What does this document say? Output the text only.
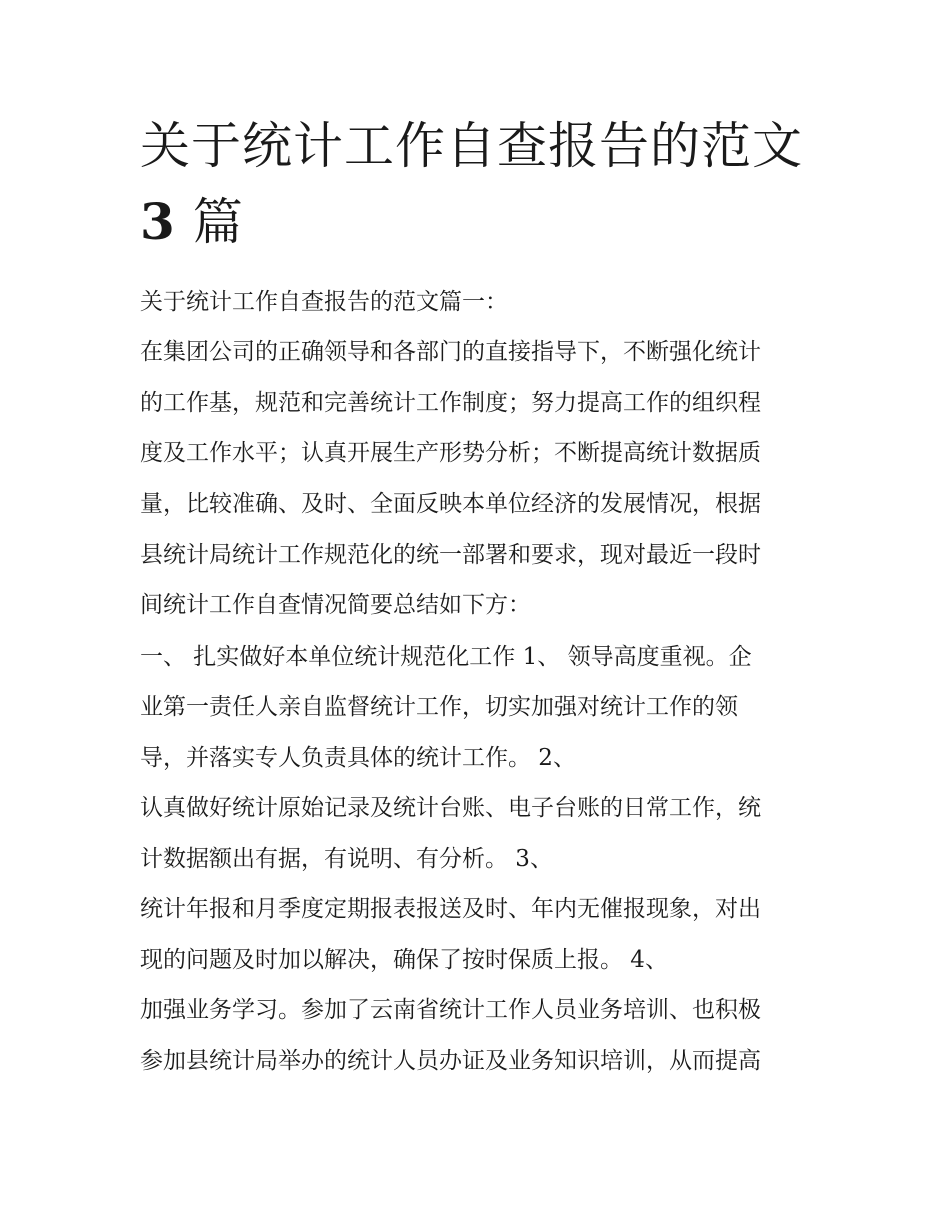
关于统计工作自查报告的范文
3 篇

关于统计工作自查报告的范文篇一：

在集团公司的正确领导和各部门的直接指导下，不断强化统计

的工作基，规范和完善统计工作制度；努力提高工作的组织程

度及工作水平；认真开展生产形势分析；不断提高统计数据质

量，比较准确、及时、全面反映本单位经济的发展情况，根据

县统计局统计工作规范化的统一部署和要求，现对最近一段时

间统计工作自查情况简要总结如下方：

一、 扎实做好本单位统计规范化工作 1、 领导高度重视。企

业第一责任人亲自监督统计工作，切实加强对统计工作的领

导，并落实专人负责具体的统计工作。 2、

认真做好统计原始记录及统计台账、电子台账的日常工作，统

计数据额出有据，有说明、有分析。 3、

统计年报和月季度定期报表报送及时、年内无催报现象，对出

现的问题及时加以解决，确保了按时保质上报。 4、

加强业务学习。参加了云南省统计工作人员业务培训、也积极

参加县统计局举办的统计人员办证及业务知识培训，从而提高
